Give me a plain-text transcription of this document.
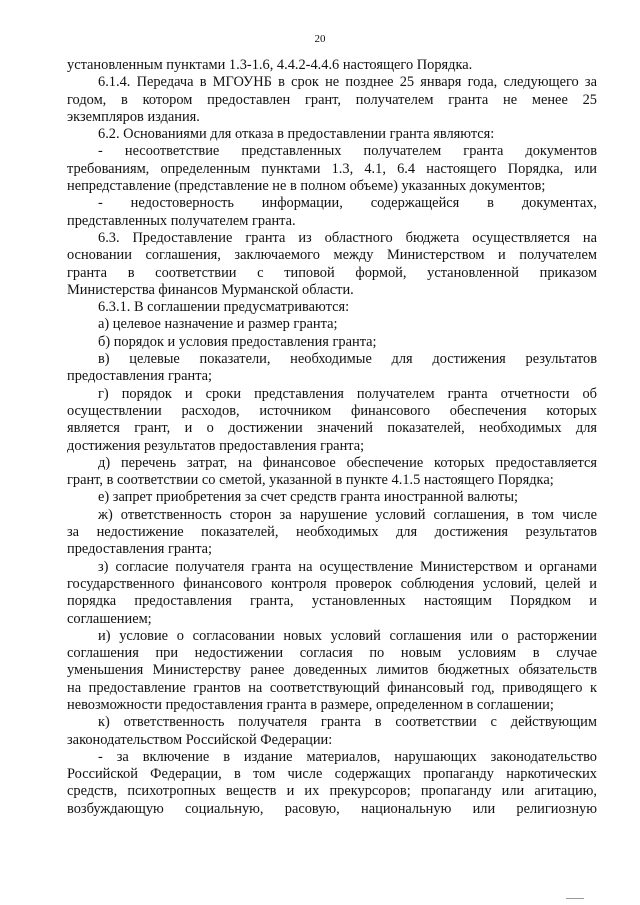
20
установленным пунктами 1.3-1.6, 4.4.2-4.4.6 настоящего Порядка.
6.1.4. Передача в МГОУНБ в срок не позднее 25 января года, следующего за
годом, в котором предоставлен грант, получателем гранта не менее 25
экземпляров издания.
6.2. Основаниями для отказа в предоставлении гранта являются:
- несоответствие представленных получателем гранта документов
требованиям, определенным пунктами 1.3, 4.1, 6.4 настоящего Порядка, или
непредставление (представление не в полном объеме) указанных документов;
- недостоверность информации, содержащейся в документах,
представленных получателем гранта.
6.3. Предоставление гранта из областного бюджета осуществляется на
основании соглашения, заключаемого между Министерством и получателем
гранта в соответствии с типовой формой, установленной приказом
Министерства финансов Мурманской области.
6.3.1. В соглашении предусматриваются:
а) целевое назначение и размер гранта;
б) порядок и условия предоставления гранта;
в) целевые показатели, необходимые для достижения результатов
предоставления гранта;
г) порядок и сроки представления получателем гранта отчетности об
осуществлении расходов, источником финансового обеспечения которых
является грант, и о достижении значений показателей, необходимых для
достижения результатов предоставления гранта;
д) перечень затрат, на финансовое обеспечение которых предоставляется
грант, в соответствии со сметой, указанной в пункте 4.1.5 настоящего Порядка;
е) запрет приобретения за счет средств гранта иностранной валюты;
ж) ответственность сторон за нарушение условий соглашения, в том числе
за недостижение показателей, необходимых для достижения результатов
предоставления гранта;
з) согласие получателя гранта на осуществление Министерством и органами
государственного финансового контроля проверок соблюдения условий, целей и
порядка предоставления гранта, установленных настоящим Порядком и
соглашением;
и) условие о согласовании новых условий соглашения или о расторжении
соглашения при недостижении согласия по новым условиям в случае
уменьшения Министерству ранее доведенных лимитов бюджетных обязательств
на предоставление грантов на соответствующий финансовый год, приводящего к
невозможности предоставления гранта в размере, определенном в соглашении;
к) ответственность получателя гранта в соответствии с действующим
законодательством Российской Федерации:
- за включение в издание материалов, нарушающих законодательство
Российской Федерации, в том числе содержащих пропаганду наркотических
средств, психотропных веществ и их прекурсоров; пропаганду или агитацию,
возбуждающую социальную, расовую, национальную или религиозную
